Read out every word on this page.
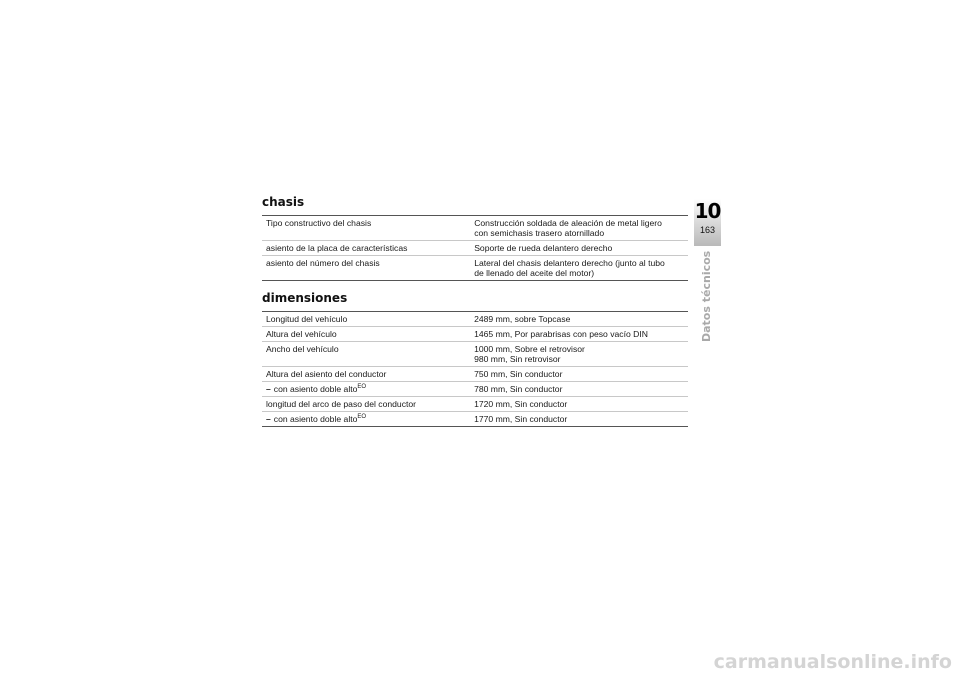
chasis
Tipo constructivo del chasis	Construcción soldada de aleación de metal ligero
con semichasis trasero atornillado

asiento de la placa de características	Soporte de rueda delantero derecho

asiento del número del chasis	Lateral del chasis delantero derecho (junto al tubo
de llenado del aceite del motor)
dimensiones
Longitud del vehículo	2489 mm, sobre Topcase

Altura del vehículo	1465 mm, Por parabrisas con peso vacío DIN

Ancho del vehículo	1000 mm, Sobre el retrovisor
980 mm, Sin retrovisor

Altura del asiento del conductor	750 mm, Sin conductor

– con asiento doble alto$^{EO}$	780 mm, Sin conductor

longitud del arco de paso del conductor	1720 mm, Sin conductor

– con asiento doble alto$^{EO}$	1770 mm, Sin conductor
10
163
Datos técnicos
carmanualsonline.info
